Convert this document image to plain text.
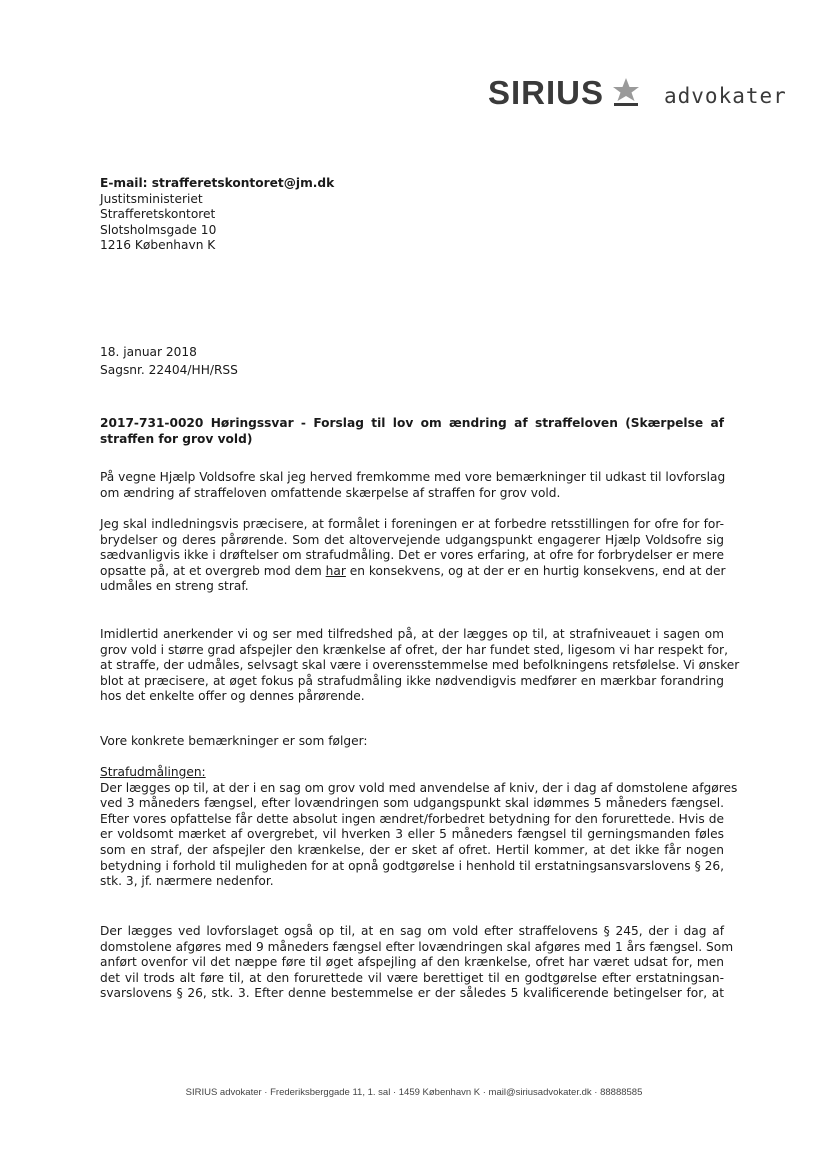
SIRIUS	advokater
E-mail: strafferetskontoret@jm.dk
Justitsministeriet
Strafferetskontoret
Slotsholmsgade 10
1216 København K
18. januar 2018
Sagsnr. 22404/HH/RSS
2017-731-0020 Høringssvar - Forslag til lov om ændring af straffeloven (Skærpelse af
straffen for grov vold)
På vegne Hjælp Voldsofre skal jeg herved fremkomme med vore bemærkninger til udkast til lovforslag
om ændring af straffeloven omfattende skærpelse af straffen for grov vold.
Jeg skal indledningsvis præcisere, at formålet i foreningen er at forbedre retsstillingen for ofre for for-
brydelser og deres pårørende. Som det altovervejende udgangspunkt engagerer Hjælp Voldsofre sig
sædvanligvis ikke i drøftelser om strafudmåling. Det er vores erfaring, at ofre for forbrydelser er mere
opsatte på, at et overgreb mod dem har en konsekvens, og at der er en hurtig konsekvens, end at der
udmåles en streng straf.
Imidlertid anerkender vi og ser med tilfredshed på, at der lægges op til, at strafniveauet i sagen om
grov vold i større grad afspejler den krænkelse af ofret, der har fundet sted, ligesom vi har respekt for,
at straffe, der udmåles, selvsagt skal være i overensstemmelse med befolkningens retsfølelse. Vi ønsker
blot at præcisere, at øget fokus på strafudmåling ikke nødvendigvis medfører en mærkbar forandring
hos det enkelte offer og dennes pårørende.
Vore konkrete bemærkninger er som følger:
Strafudmålingen:
Der lægges op til, at der i en sag om grov vold med anvendelse af kniv, der i dag af domstolene afgøres
ved 3 måneders fængsel, efter lovændringen som udgangspunkt skal idømmes 5 måneders fængsel.
Efter vores opfattelse får dette absolut ingen ændret/forbedret betydning for den forurettede. Hvis de
er voldsomt mærket af overgrebet, vil hverken 3 eller 5 måneders fængsel til gerningsmanden føles
som en straf, der afspejler den krænkelse, der er sket af ofret. Hertil kommer, at det ikke får nogen
betydning i forhold til muligheden for at opnå godtgørelse i henhold til erstatningsansvarslovens § 26,
stk. 3, jf. nærmere nedenfor.
Der lægges ved lovforslaget også op til, at en sag om vold efter straffelovens § 245, der i dag af
domstolene afgøres med 9 måneders fængsel efter lovændringen skal afgøres med 1 års fængsel. Som
anført ovenfor vil det næppe føre til øget afspejling af den krænkelse, ofret har været udsat for, men
det vil trods alt føre til, at den forurettede vil være berettiget til en godtgørelse efter erstatningsan-
svarslovens § 26, stk. 3. Efter denne bestemmelse er der således 5 kvalificerende betingelser for, at
SIRIUS advokater · Frederiksberggade 11, 1. sal · 1459 København K · mail@siriusadvokater.dk · 88888585
